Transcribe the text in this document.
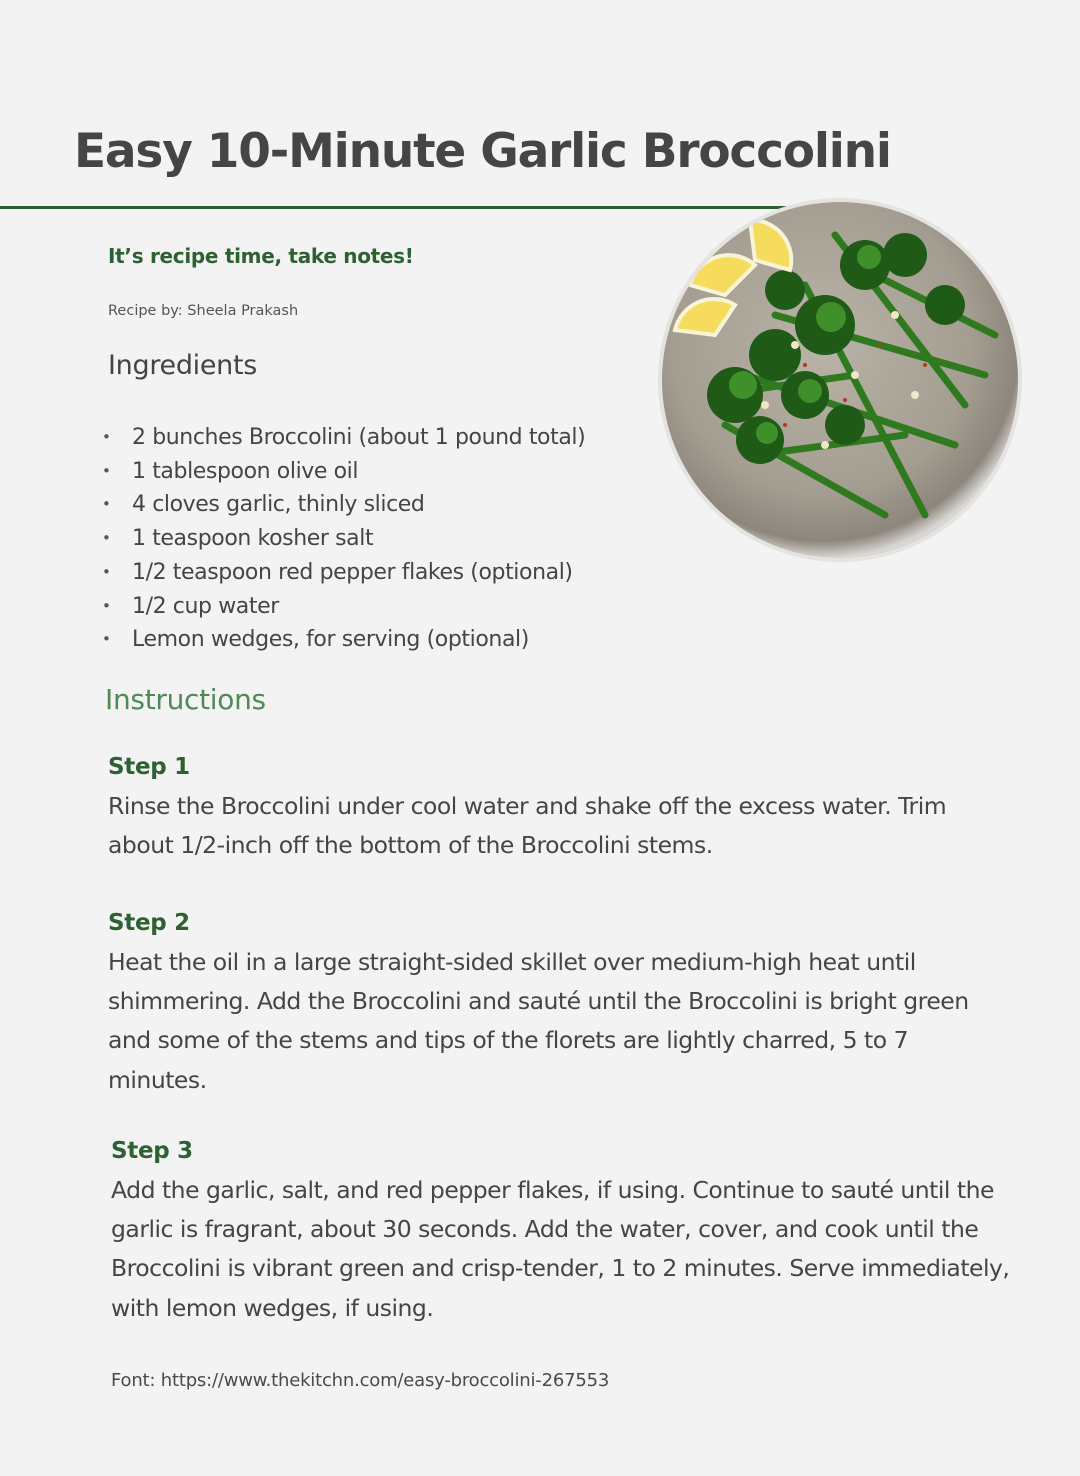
Easy 10-Minute Garlic Broccolini
It’s recipe time, take notes!
Recipe by: Sheela Prakash
Ingredients
• 2 bunches Broccolini (about 1 pound total)
• 1 tablespoon olive oil
• 4 cloves garlic, thinly sliced
• 1 teaspoon kosher salt
• 1/2 teaspoon red pepper flakes (optional)
• 1/2 cup water
• Lemon wedges, for serving (optional)
Instructions
Step 1
Rinse the Broccolini under cool water and shake off the excess water. Trim about 1/2-inch off the bottom of the Broccolini stems.
Step 2
Heat the oil in a large straight-sided skillet over medium-high heat until shimmering. Add the Broccolini and sauté until the Broccolini is bright green and some of the stems and tips of the florets are lightly charred, 5 to 7 minutes.
Step 3
Add the garlic, salt, and red pepper flakes, if using. Continue to sauté until the garlic is fragrant, about 30 seconds. Add the water, cover, and cook until the Broccolini is vibrant green and crisp-tender, 1 to 2 minutes. Serve immediately, with lemon wedges, if using.
Font: https://www.thekitchn.com/easy-broccolini-267553
